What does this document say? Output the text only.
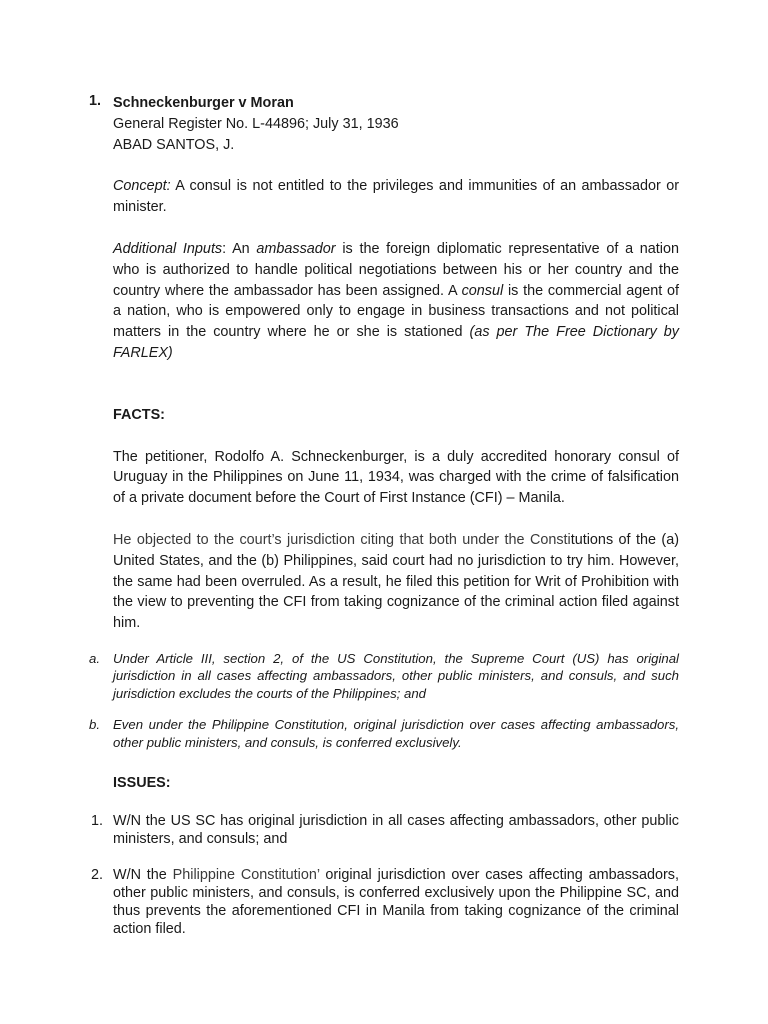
1. Schneckenburger v Moran

General Register No. L-44896; July 31, 1936

ABAD SANTOS, J.

Concept: A consul is not entitled to the privileges and immunities of an ambassador or minister.

Additional Inputs: An ambassador is the foreign diplomatic representative of a nation who is authorized to handle political negotiations between his or her country and the country where the ambassador has been assigned. A consul is the commercial agent of a nation, who is empowered only to engage in business transactions and not political matters in the country where he or she is stationed (as per The Free Dictionary by FARLEX)

FACTS:

The petitioner, Rodolfo A. Schneckenburger, is a duly accredited honorary consul of Uruguay in the Philippines on June 11, 1934, was charged with the crime of falsification of a private document before the Court of First Instance (CFI) – Manila.

He objected to the court’s jurisdiction citing that both under the Constitutions of the (a) United States, and the (b) Philippines, said court had no jurisdiction to try him. However, the same had been overruled. As a result, he filed this petition for Writ of Prohibition with the view to preventing the CFI from taking cognizance of the criminal action filed against him.

a. Under Article III, section 2, of the US Constitution, the Supreme Court (US) has original jurisdiction in all cases affecting ambassadors, other public ministers, and consuls, and such jurisdiction excludes the courts of the Philippines; and

b. Even under the Philippine Constitution, original jurisdiction over cases affecting ambassadors, other public ministers, and consuls, is conferred exclusively.

ISSUES:

1. W/N the US SC has original jurisdiction in all cases affecting ambassadors, other public ministers, and consuls; and

2. W/N the Philippine Constitution’ original jurisdiction over cases affecting ambassadors, other public ministers, and consuls, is conferred exclusively upon the Philippine SC, and thus prevents the aforementioned CFI in Manila from taking cognizance of the criminal action filed.
